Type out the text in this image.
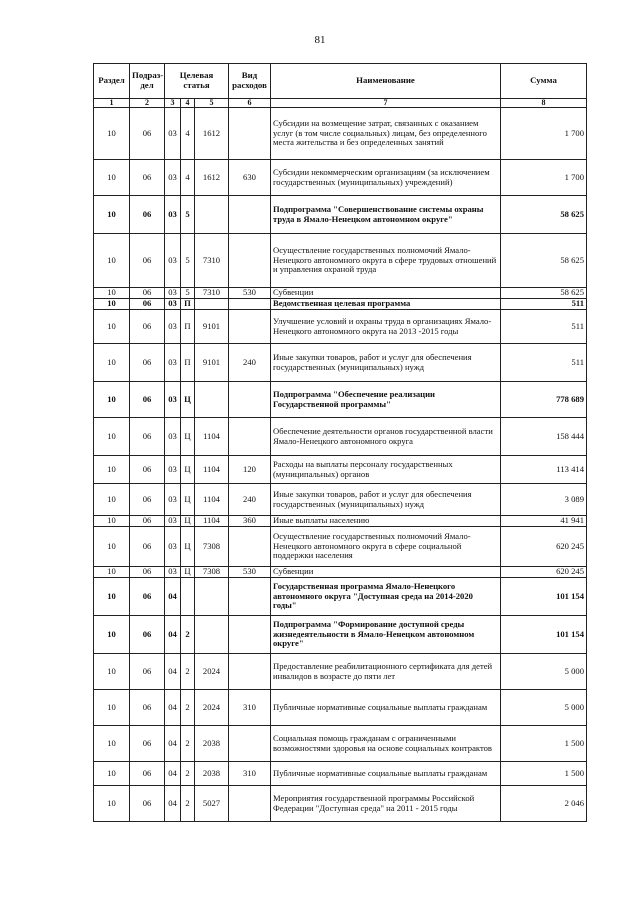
81
Раздел	Подраз-дел	Целевая статья			Вид расходов	Наименование	Сумма
1	2	3	4	5	6	7	8
10	06	03	4	1612		Субсидии на возмещение затрат, связанных с оказанием услуг (в том числе социальных) лицам, без определенного места жительства и без определенных занятий	1 700
10	06	03	4	1612	630	Субсидии некоммерческим организациям (за исключением государственных (муниципальных) учреждений)	1 700
10	06	03	5			Подпрограмма "Совершенствование системы охраны труда в Ямало-Ненецком автономном округе"	58 625
10	06	03	5	7310		Осуществление государственных полномочий Ямало-Ненецкого автономного округа в сфере трудовых отношений и управления охраной труда	58 625
10	06	03	5	7310	530	Субвенции	58 625
10	06	03	П			Ведомственная целевая программа	511
10	06	03	П	9101		Улучшение условий и охраны труда в организациях Ямало-Ненецкого автономного округа на 2013 -2015 годы	511
10	06	03	П	9101	240	Иные закупки товаров, работ и услуг для обеспечения государственных (муниципальных) нужд	511
10	06	03	Ц			Подпрограмма "Обеспечение реализации Государственной программы"	778 689
10	06	03	Ц	1104		Обеспечение деятельности органов государственной власти Ямало-Ненецкого автономного округа	158 444
10	06	03	Ц	1104	120	Расходы на выплаты персоналу государственных (муниципальных) органов	113 414
10	06	03	Ц	1104	240	Иные закупки товаров, работ и услуг для обеспечения государственных (муниципальных) нужд	3 089
10	06	03	Ц	1104	360	Иные выплаты населению	41 941
10	06	03	Ц	7308		Осуществление государственных полномочий Ямало-Ненецкого автономного округа в сфере социальной поддержки населения	620 245
10	06	03	Ц	7308	530	Субвенции	620 245
10	06	04				Государственная программа Ямало-Ненецкого автономного округа "Доступная среда на 2014-2020 годы"	101 154
10	06	04	2			Подпрограмма "Формирование доступной среды жизнедеятельности в Ямало-Ненецком автономном округе"	101 154
10	06	04	2	2024		Предоставление реабилитационного сертификата для детей инвалидов в возрасте до пяти лет	5 000
10	06	04	2	2024	310	Публичные нормативные социальные выплаты гражданам	5 000
10	06	04	2	2038		Социальная помощь гражданам с ограниченными возможностями здоровья на основе социальных контрактов	1 500
10	06	04	2	2038	310	Публичные нормативные социальные выплаты гражданам	1 500
10	06	04	2	5027		Мероприятия государственной программы Российской Федерации "Доступная среда" на 2011 - 2015 годы	2 046
